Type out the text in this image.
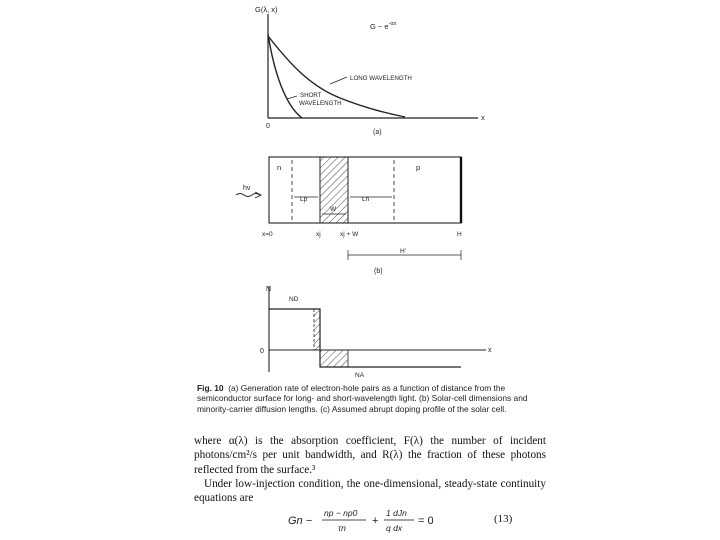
G(λ, x)
G ~ $e^{-\alpha x}$
LONG WAVELENGTH
SHORT
WAVELENGTH
0
x
(a)
n	p
hν
Lp	Ln
W
x=0	xj	xj + W	H
H'
(b)
N
ND
0	x
NA
Fig. 10 (a) Generation rate of electron-hole pairs as a function of distance from the semiconductor surface for long- and short-wavelength light. (b) Solar-cell dimensions and minority-carrier diffusion lengths. (c) Assumed abrupt doping profile of the solar cell.

where α(λ) is the absorption coefficient, F(λ) the number of incident photons/cm²/s per unit bandwidth, and R(λ) the fraction of these photons reflected from the surface.³

Under low-injection condition, the one-dimensional, steady-state continuity equations are

Gn −
np − np0
τn
+
1 dJn
q dx
= 0	(13)
